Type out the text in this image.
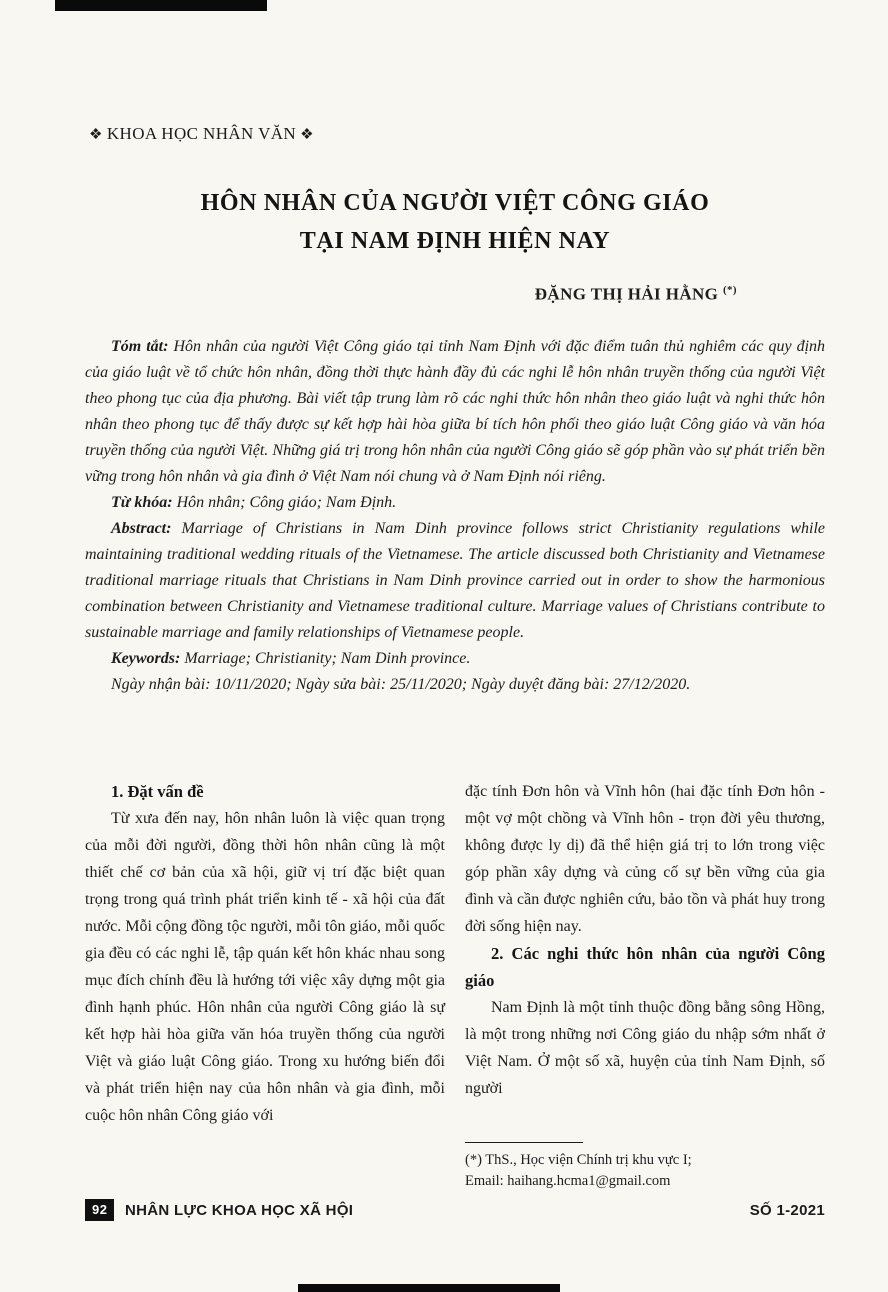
❖ KHOA HỌC NHÂN VĂN ❖
HÔN NHÂN CỦA NGƯỜI VIỆT CÔNG GIÁO
TẠI NAM ĐỊNH HIỆN NAY
ĐẶNG THỊ HẢI HẰNG (*)

Tóm tắt: Hôn nhân của người Việt Công giáo tại tỉnh Nam Định với đặc điểm tuân thủ nghiêm các quy định của giáo luật về tổ chức hôn nhân, đồng thời thực hành đầy đủ các nghi lễ hôn nhân truyền thống của người Việt theo phong tục của địa phương. Bài viết tập trung làm rõ các nghi thức hôn nhân theo giáo luật và nghi thức hôn nhân theo phong tục để thấy được sự kết hợp hài hòa giữa bí tích hôn phối theo giáo luật Công giáo và văn hóa truyền thống của người Việt. Những giá trị trong hôn nhân của người Công giáo sẽ góp phần vào sự phát triển bền vững trong hôn nhân và gia đình ở Việt Nam nói chung và ở Nam Định nói riêng.

Từ khóa: Hôn nhân; Công giáo; Nam Định.

Abstract: Marriage of Christians in Nam Dinh province follows strict Christianity regulations while maintaining traditional wedding rituals of the Vietnamese. The article discussed both Christianity and Vietnamese traditional marriage rituals that Christians in Nam Dinh province carried out in order to show the harmonious combination between Christianity and Vietnamese traditional culture. Marriage values of Christians contribute to sustainable marriage and family relationships of Vietnamese people.

Keywords: Marriage; Christianity; Nam Dinh province.

Ngày nhận bài: 10/11/2020; Ngày sửa bài: 25/11/2020; Ngày duyệt đăng bài: 27/12/2020.

1. Đặt vấn đề

Từ xưa đến nay, hôn nhân luôn là việc quan trọng của mỗi đời người, đồng thời hôn nhân cũng là một thiết chế cơ bản của xã hội, giữ vị trí đặc biệt quan trọng trong quá trình phát triển kinh tế - xã hội của đất nước. Mỗi cộng đồng tộc người, mỗi tôn giáo, mỗi quốc gia đều có các nghi lễ, tập quán kết hôn khác nhau song mục đích chính đều là hướng tới việc xây dựng một gia đình hạnh phúc. Hôn nhân của người Công giáo là sự kết hợp hài hòa giữa văn hóa truyền thống của người Việt và giáo luật Công giáo. Trong xu hướng biến đổi và phát triển hiện nay của hôn nhân và gia đình, mỗi cuộc hôn nhân Công giáo với

đặc tính Đơn hôn và Vĩnh hôn (hai đặc tính Đơn hôn - một vợ một chồng và Vĩnh hôn - trọn đời yêu thương, không được ly dị) đã thể hiện giá trị to lớn trong việc góp phần xây dựng và củng cố sự bền vững của gia đình và cần được nghiên cứu, bảo tồn và phát huy trong đời sống hiện nay.

2. Các nghi thức hôn nhân của người Công giáo

Nam Định là một tỉnh thuộc đồng bằng sông Hồng, là một trong những nơi Công giáo du nhập sớm nhất ở Việt Nam. Ở một số xã, huyện của tỉnh Nam Định, số người

(*) ThS., Học viện Chính trị khu vực I;
Email: haihang.hcma1@gmail.com
92	NHÂN LỰC KHOA HỌC XÃ HỘI	SỐ 1-2021
